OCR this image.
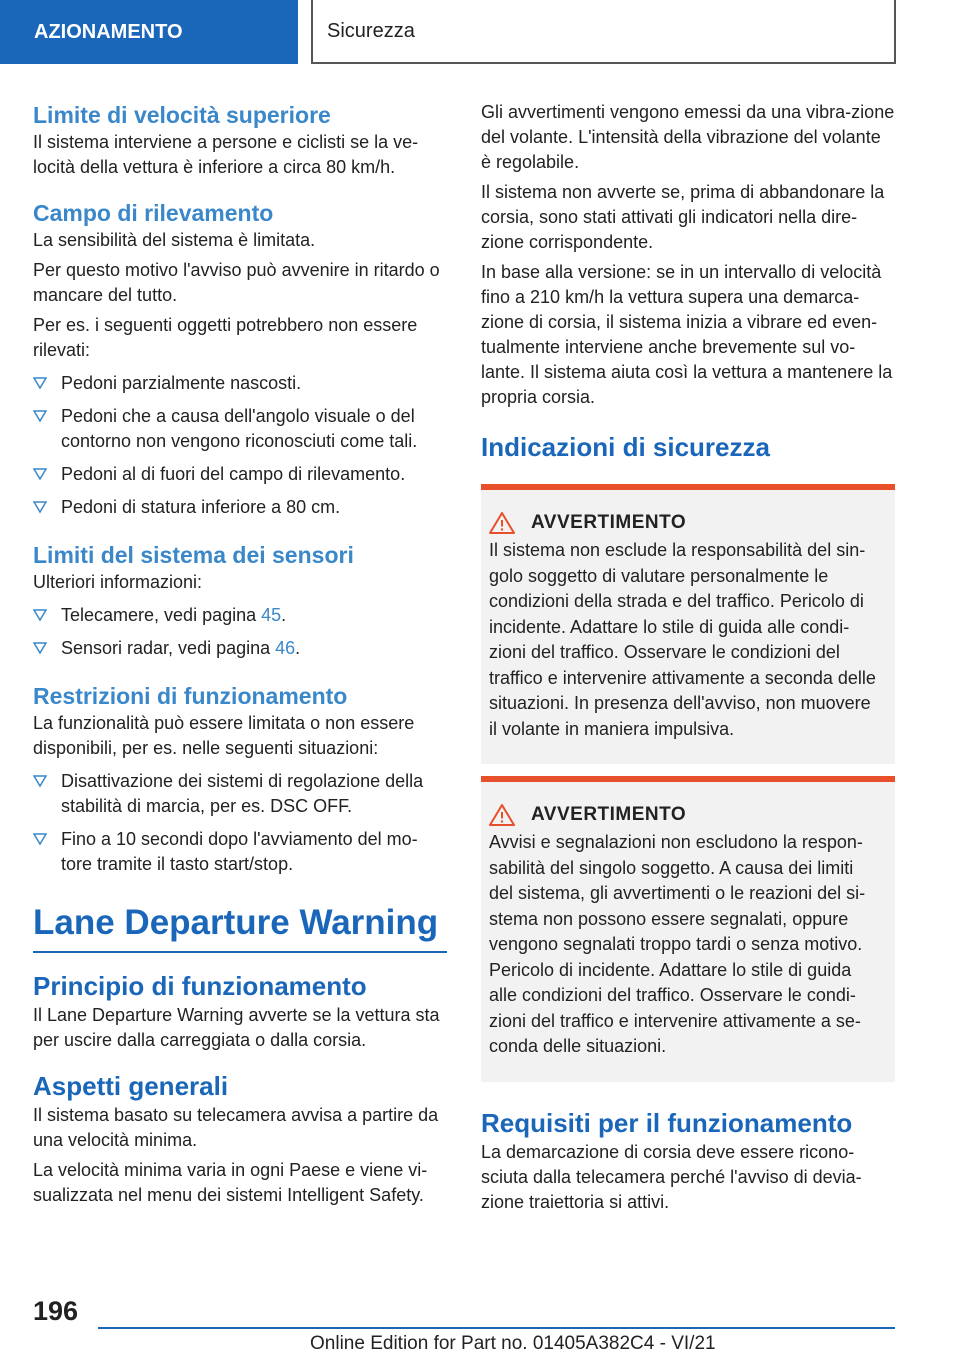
AZIONAMENTO	Sicurezza
Limite di velocità superiore

Il sistema interviene a persone e ciclisti se la ve-locità della vettura è inferiore a circa 80 km/h.

Campo di rilevamento

La sensibilità del sistema è limitata.

Per questo motivo l'avviso può avvenire in ritardo o mancare del tutto.

Per es. i seguenti oggetti potrebbero non essere rilevati:

Pedoni parzialmente nascosti.
Pedoni che a causa dell'angolo visuale o del contorno non vengono riconosciuti come tali.
Pedoni al di fuori del campo di rilevamento.
Pedoni di statura inferiore a 80 cm.
Limiti del sistema dei sensori

Ulteriori informazioni:

Telecamere, vedi pagina 45.
Sensori radar, vedi pagina 46.
Restrizioni di funzionamento

La funzionalità può essere limitata o non essere disponibili, per es. nelle seguenti situazioni:

Disattivazione dei sistemi di regolazione della stabilità di marcia, per es. DSC OFF.
Fino a 10 secondi dopo l'avviamento del mo-tore tramite il tasto start/stop.
Lane Departure Warning
Principio di funzionamento

Il Lane Departure Warning avverte se la vettura sta per uscire dalla carreggiata o dalla corsia.

Aspetti generali

Il sistema basato su telecamera avvisa a partire da una velocità minima.

La velocità minima varia in ogni Paese e viene vi-sualizzata nel menu dei sistemi Intelligent Safety.

Gli avvertimenti vengono emessi da una vibra-zione del volante. L'intensità della vibrazione del volante è regolabile.

Il sistema non avverte se, prima di abbandonare la corsia, sono stati attivati gli indicatori nella dire-zione corrispondente.

In base alla versione: se in un intervallo di velocità fino a 210 km/h la vettura supera una demarca-zione di corsia, il sistema inizia a vibrare ed even-tualmente interviene anche brevemente sul vo-lante. Il sistema aiuta così la vettura a mantenere la propria corsia.

Indicazioni di sicurezza
AVVERTIMENTO

Il sistema non esclude la responsabilità del sin-golo soggetto di valutare personalmente le condizioni della strada e del traffico. Pericolo di incidente. Adattare lo stile di guida alle condi-zioni del traffico. Osservare le condizioni del traffico e intervenire attivamente a seconda delle situazioni. In presenza dell'avviso, non muovere il volante in maniera impulsiva.

AVVERTIMENTO

Avvisi e segnalazioni non escludono la respon-sabilità del singolo soggetto. A causa dei limiti del sistema, gli avvertimenti o le reazioni del si-stema non possono essere segnalati, oppure vengono segnalati troppo tardi o senza motivo. Pericolo di incidente. Adattare lo stile di guida alle condizioni del traffico. Osservare le condi-zioni del traffico e intervenire attivamente a se-conda delle situazioni.

Requisiti per il funzionamento

La demarcazione di corsia deve essere ricono-sciuta dalla telecamera perché l'avviso di devia-zione traiettoria si attivi.

196
Online Edition for Part no. 01405A382C4 - VI/21
